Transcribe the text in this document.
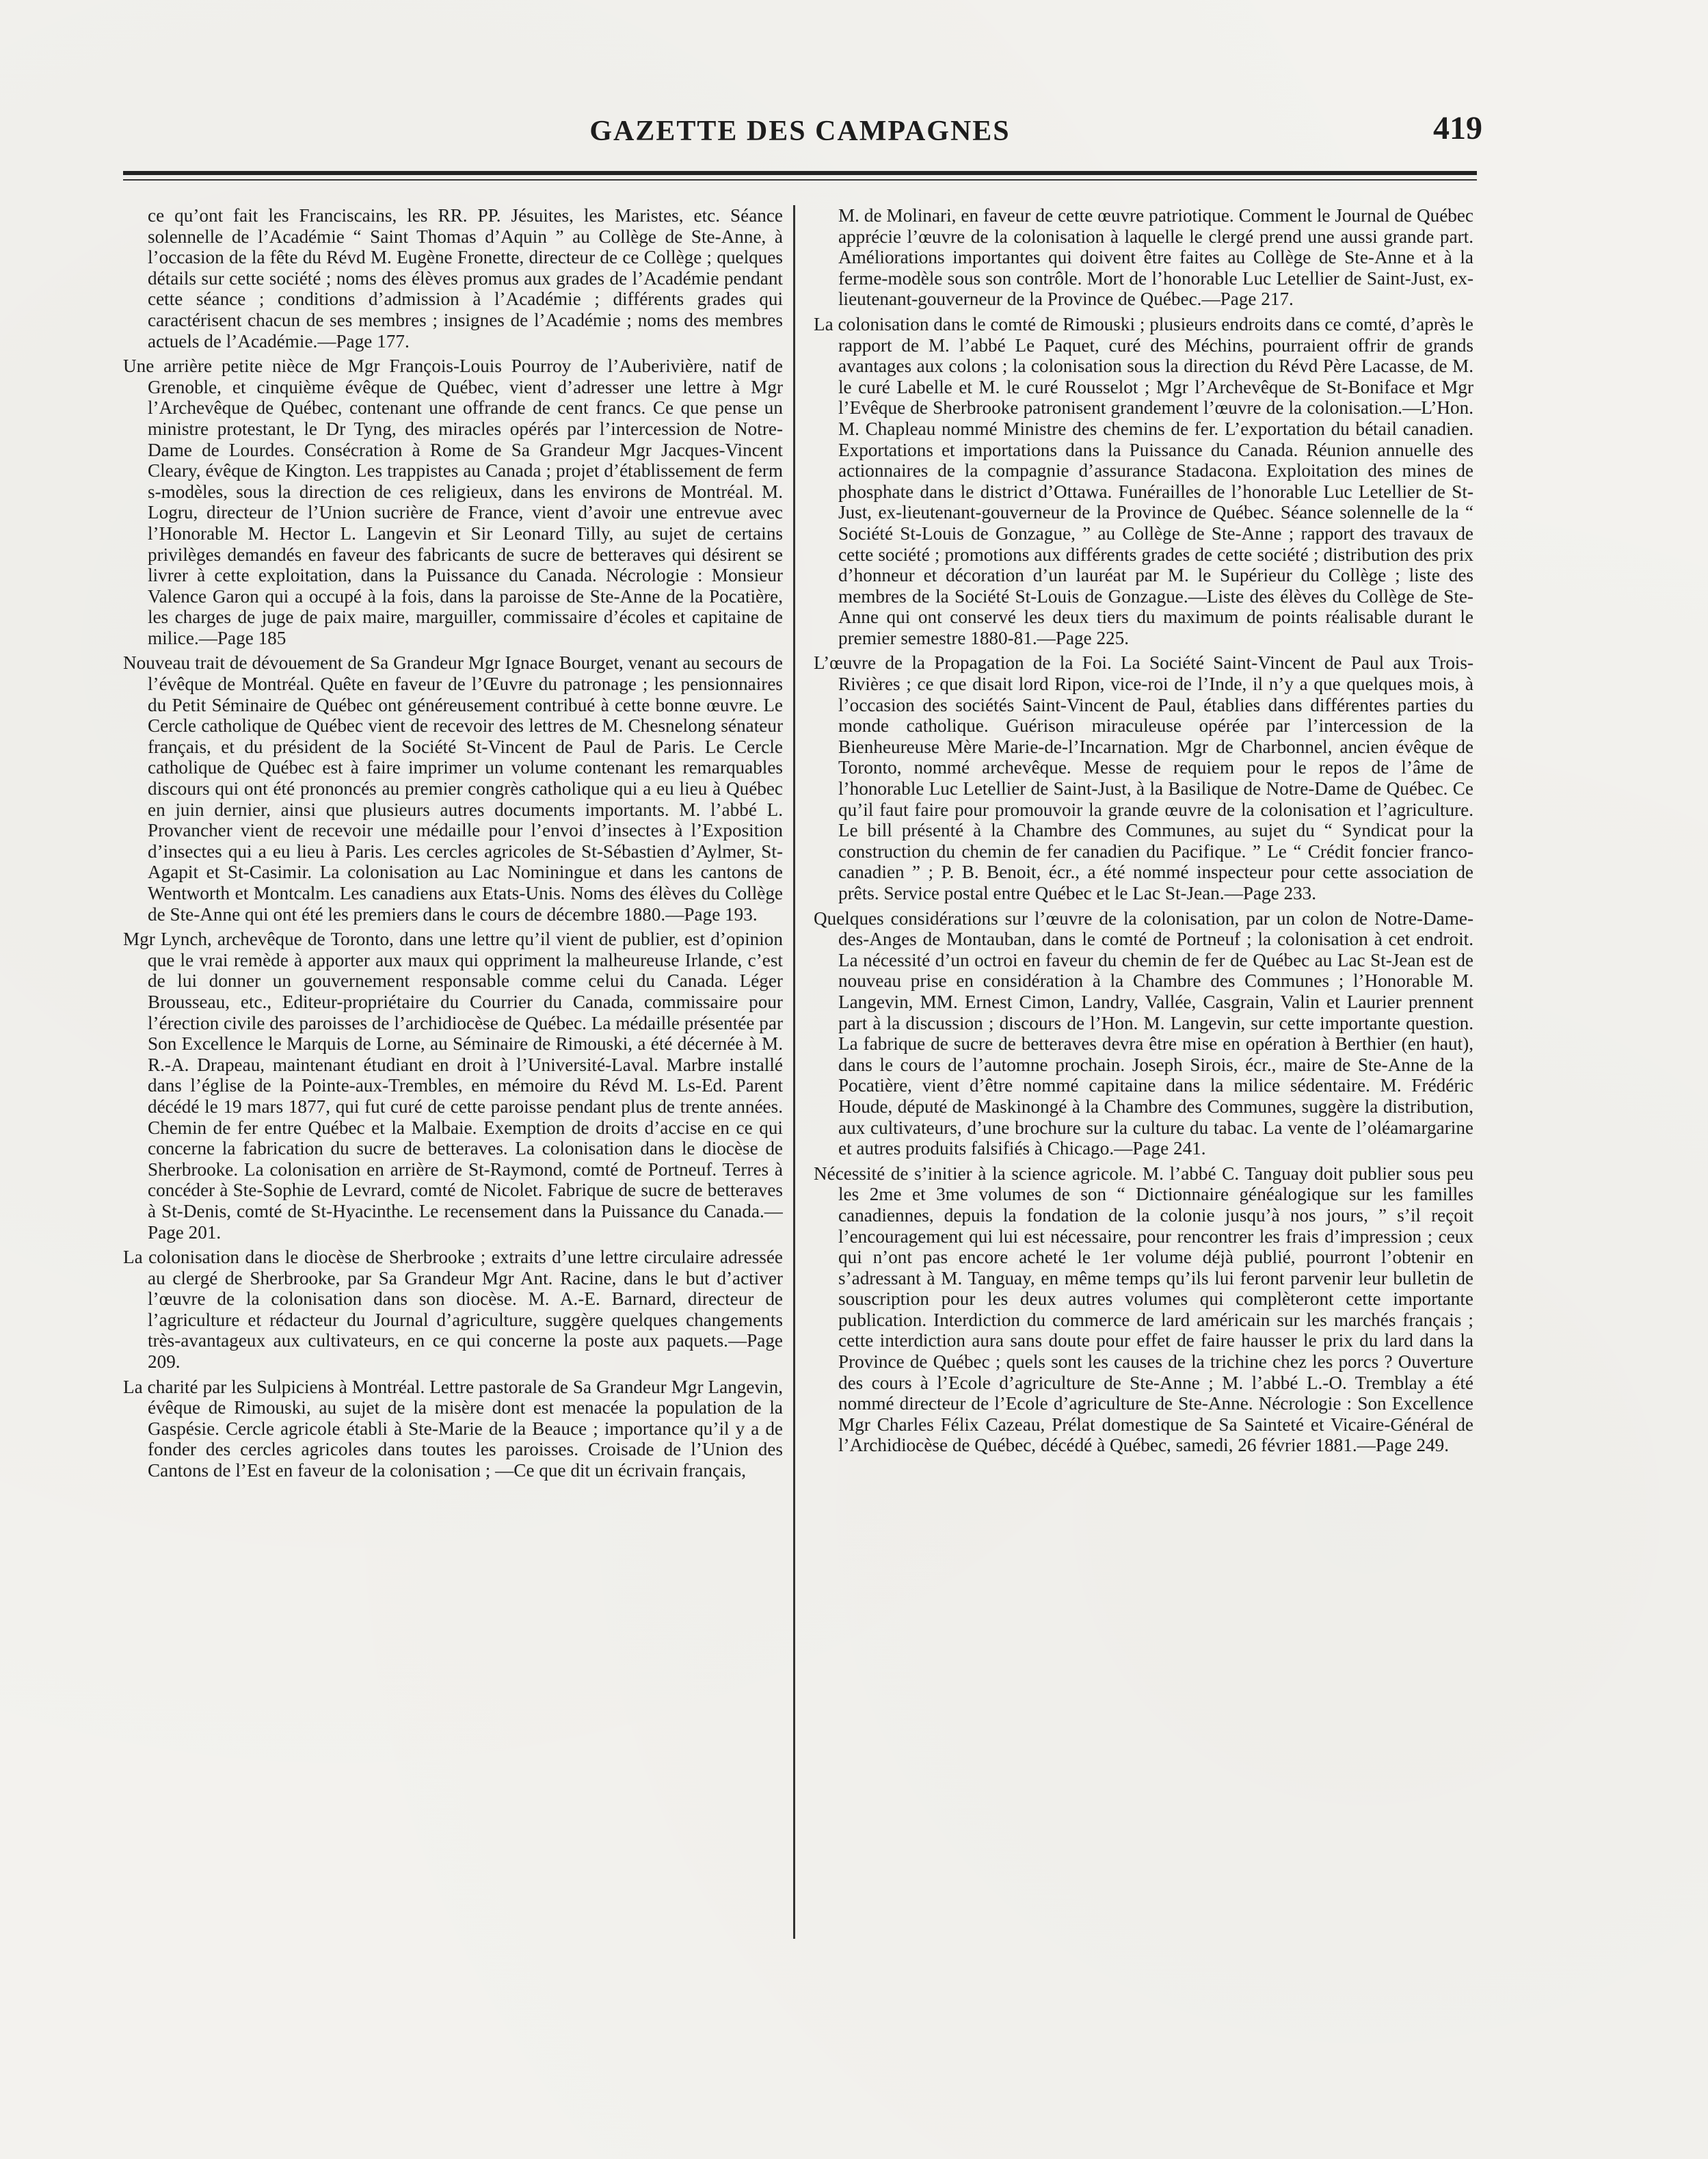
GAZETTE DES CAMPAGNES	419

ce qu’ont fait les Franciscains, les RR. PP. Jésuites, les Maristes, etc. Séance solennelle de l’Académie “ Saint Thomas d’Aquin ” au Collège de Ste-Anne, à l’occasion de la fête du Révd M. Eugène Fronette, directeur de ce Collège ; quelques détails sur cette société ; noms des élèves promus aux grades de l’Académie pendant cette séance ; conditions d’admission à l’Académie ; différents grades qui caractérisent chacun de ses membres ; insignes de l’Académie ; noms des membres actuels de l’Académie.—Page 177.

Une arrière petite nièce de Mgr François-Louis Pourroy de l’Auberivière, natif de Grenoble, et cinquième évêque de Québec, vient d’adresser une lettre à Mgr l’Archevêque de Québec, contenant une offrande de cent francs. Ce que pense un ministre protestant, le Dr Tyng, des miracles opérés par l’intercession de Notre-Dame de Lourdes. Consécration à Rome de Sa Grandeur Mgr Jacques-Vincent Cleary, évêque de Kington. Les trappistes au Canada ; projet d’établissement de ferm s-modèles, sous la direction de ces religieux, dans les environs de Montréal. M. Logru, directeur de l’Union sucrière de France, vient d’avoir une entrevue avec l’Honorable M. Hector L. Langevin et Sir Leonard Tilly, au sujet de certains privilèges demandés en faveur des fabricants de sucre de betteraves qui désirent se livrer à cette exploitation, dans la Puissance du Canada. Nécrologie : Monsieur Valence Garon qui a occupé à la fois, dans la paroisse de Ste-Anne de la Pocatière, les charges de juge de paix maire, marguiller, commissaire d’écoles et capitaine de milice.—Page 185

Nouveau trait de dévouement de Sa Grandeur Mgr Ignace Bourget, venant au secours de l’évêque de Montréal. Quête en faveur de l’Œuvre du patronage ; les pensionnaires du Petit Séminaire de Québec ont généreusement contribué à cette bonne œuvre. Le Cercle catholique de Québec vient de recevoir des lettres de M. Chesnelong sénateur français, et du président de la Société St-Vincent de Paul de Paris. Le Cercle catholique de Québec est à faire imprimer un volume contenant les remarquables discours qui ont été prononcés au premier congrès catholique qui a eu lieu à Québec en juin dernier, ainsi que plusieurs autres documents importants. M. l’abbé L. Provancher vient de recevoir une médaille pour l’envoi d’insectes à l’Exposition d’insectes qui a eu lieu à Paris. Les cercles agricoles de St-Sébastien d’Aylmer, St-Agapit et St-Casimir. La colonisation au Lac Nominingue et dans les cantons de Wentworth et Montcalm. Les canadiens aux Etats-Unis. Noms des élèves du Collège de Ste-Anne qui ont été les premiers dans le cours de décembre 1880.—Page 193.

Mgr Lynch, archevêque de Toronto, dans une lettre qu’il vient de publier, est d’opinion que le vrai remède à apporter aux maux qui oppriment la malheureuse Irlande, c’est de lui donner un gouvernement responsable comme celui du Canada. Léger Brousseau, etc., Editeur-propriétaire du Courrier du Canada, commissaire pour l’érection civile des paroisses de l’archidiocèse de Québec. La médaille présentée par Son Excellence le Marquis de Lorne, au Séminaire de Rimouski, a été décernée à M. R.-A. Drapeau, maintenant étudiant en droit à l’Université-Laval. Marbre installé dans l’église de la Pointe-aux-Trembles, en mémoire du Révd M. Ls-Ed. Parent décédé le 19 mars 1877, qui fut curé de cette paroisse pendant plus de trente années. Chemin de fer entre Québec et la Malbaie. Exemption de droits d’accise en ce qui concerne la fabrication du sucre de betteraves. La colonisation dans le diocèse de Sherbrooke. La colonisation en arrière de St-Raymond, comté de Portneuf. Terres à concéder à Ste-Sophie de Levrard, comté de Nicolet. Fabrique de sucre de betteraves à St-Denis, comté de St-Hyacinthe. Le recensement dans la Puissance du Canada.—Page 201.

La colonisation dans le diocèse de Sherbrooke ; extraits d’une lettre circulaire adressée au clergé de Sherbrooke, par Sa Grandeur Mgr Ant. Racine, dans le but d’activer l’œuvre de la colonisation dans son diocèse. M. A.-E. Barnard, directeur de l’agriculture et rédacteur du Journal d’agriculture, suggère quelques changements très-avantageux aux cultivateurs, en ce qui concerne la poste aux paquets.—Page 209.

La charité par les Sulpiciens à Montréal. Lettre pastorale de Sa Grandeur Mgr Langevin, évêque de Rimouski, au sujet de la misère dont est menacée la population de la Gaspésie. Cercle agricole établi à Ste-Marie de la Beauce ; importance qu’il y a de fonder des cercles agricoles dans toutes les paroisses. Croisade de l’Union des Cantons de l’Est en faveur de la colonisation ; —Ce que dit un écrivain français,

M. de Molinari, en faveur de cette œuvre patriotique. Comment le Journal de Québec apprécie l’œuvre de la colonisation à laquelle le clergé prend une aussi grande part. Améliorations importantes qui doivent être faites au Collège de Ste-Anne et à la ferme-modèle sous son contrôle. Mort de l’honorable Luc Letellier de Saint-Just, ex-lieutenant-gouverneur de la Province de Québec.—Page 217.

La colonisation dans le comté de Rimouski ; plusieurs endroits dans ce comté, d’après le rapport de M. l’abbé Le Paquet, curé des Méchins, pourraient offrir de grands avantages aux colons ; la colonisation sous la direction du Révd Père Lacasse, de M. le curé Labelle et M. le curé Rousselot ; Mgr l’Archevêque de St-Boniface et Mgr l’Evêque de Sherbrooke patronisent grandement l’œuvre de la colonisation.—L’Hon. M. Chapleau nommé Ministre des chemins de fer. L’exportation du bétail canadien. Exportations et importations dans la Puissance du Canada. Réunion annuelle des actionnaires de la compagnie d’assurance Stadacona. Exploitation des mines de phosphate dans le district d’Ottawa. Funérailles de l’honorable Luc Letellier de St-Just, ex-lieutenant-gouverneur de la Province de Québec. Séance solennelle de la “ Société St-Louis de Gonzague, ” au Collège de Ste-Anne ; rapport des travaux de cette société ; promotions aux différents grades de cette société ; distribution des prix d’honneur et décoration d’un lauréat par M. le Supérieur du Collège ; liste des membres de la Société St-Louis de Gonzague.—Liste des élèves du Collège de Ste-Anne qui ont conservé les deux tiers du maximum de points réalisable durant le premier semestre 1880-81.—Page 225.

L’œuvre de la Propagation de la Foi. La Société Saint-Vincent de Paul aux Trois-Rivières ; ce que disait lord Ripon, vice-roi de l’Inde, il n’y a que quelques mois, à l’occasion des sociétés Saint-Vincent de Paul, établies dans différentes parties du monde catholique. Guérison miraculeuse opérée par l’intercession de la Bienheureuse Mère Marie-de-l’Incarnation. Mgr de Charbonnel, ancien évêque de Toronto, nommé archevêque. Messe de requiem pour le repos de l’âme de l’honorable Luc Letellier de Saint-Just, à la Basilique de Notre-Dame de Québec. Ce qu’il faut faire pour promouvoir la grande œuvre de la colonisation et l’agriculture. Le bill présenté à la Chambre des Communes, au sujet du “ Syndicat pour la construction du chemin de fer canadien du Pacifique. ” Le “ Crédit foncier franco-canadien ” ; P. B. Benoit, écr., a été nommé inspecteur pour cette association de prêts. Service postal entre Québec et le Lac St-Jean.—Page 233.

Quelques considérations sur l’œuvre de la colonisation, par un colon de Notre-Dame-des-Anges de Montauban, dans le comté de Portneuf ; la colonisation à cet endroit. La nécessité d’un octroi en faveur du chemin de fer de Québec au Lac St-Jean est de nouveau prise en considération à la Chambre des Communes ; l’Honorable M. Langevin, MM. Ernest Cimon, Landry, Vallée, Casgrain, Valin et Laurier prennent part à la discussion ; discours de l’Hon. M. Langevin, sur cette importante question. La fabrique de sucre de betteraves devra être mise en opération à Berthier (en haut), dans le cours de l’automne prochain. Joseph Sirois, écr., maire de Ste-Anne de la Pocatière, vient d’être nommé capitaine dans la milice sédentaire. M. Frédéric Houde, député de Maskinongé à la Chambre des Communes, suggère la distribution, aux cultivateurs, d’une brochure sur la culture du tabac. La vente de l’oléamargarine et autres produits falsifiés à Chicago.—Page 241.

Nécessité de s’initier à la science agricole. M. l’abbé C. Tanguay doit publier sous peu les 2me et 3me volumes de son “ Dictionnaire généalogique sur les familles canadiennes, depuis la fondation de la colonie jusqu’à nos jours, ” s’il reçoit l’encouragement qui lui est nécessaire, pour rencontrer les frais d’impression ; ceux qui n’ont pas encore acheté le 1er volume déjà publié, pourront l’obtenir en s’adressant à M. Tanguay, en même temps qu’ils lui feront parvenir leur bulletin de souscription pour les deux autres volumes qui complèteront cette importante publication. Interdiction du commerce de lard américain sur les marchés français ; cette interdiction aura sans doute pour effet de faire hausser le prix du lard dans la Province de Québec ; quels sont les causes de la trichine chez les porcs ? Ouverture des cours à l’Ecole d’agriculture de Ste-Anne ; M. l’abbé L.-O. Tremblay a été nommé directeur de l’Ecole d’agriculture de Ste-Anne. Nécrologie : Son Excellence Mgr Charles Félix Cazeau, Prélat domestique de Sa Sainteté et Vicaire-Général de l’Archidiocèse de Québec, décédé à Québec, samedi, 26 février 1881.—Page 249.
